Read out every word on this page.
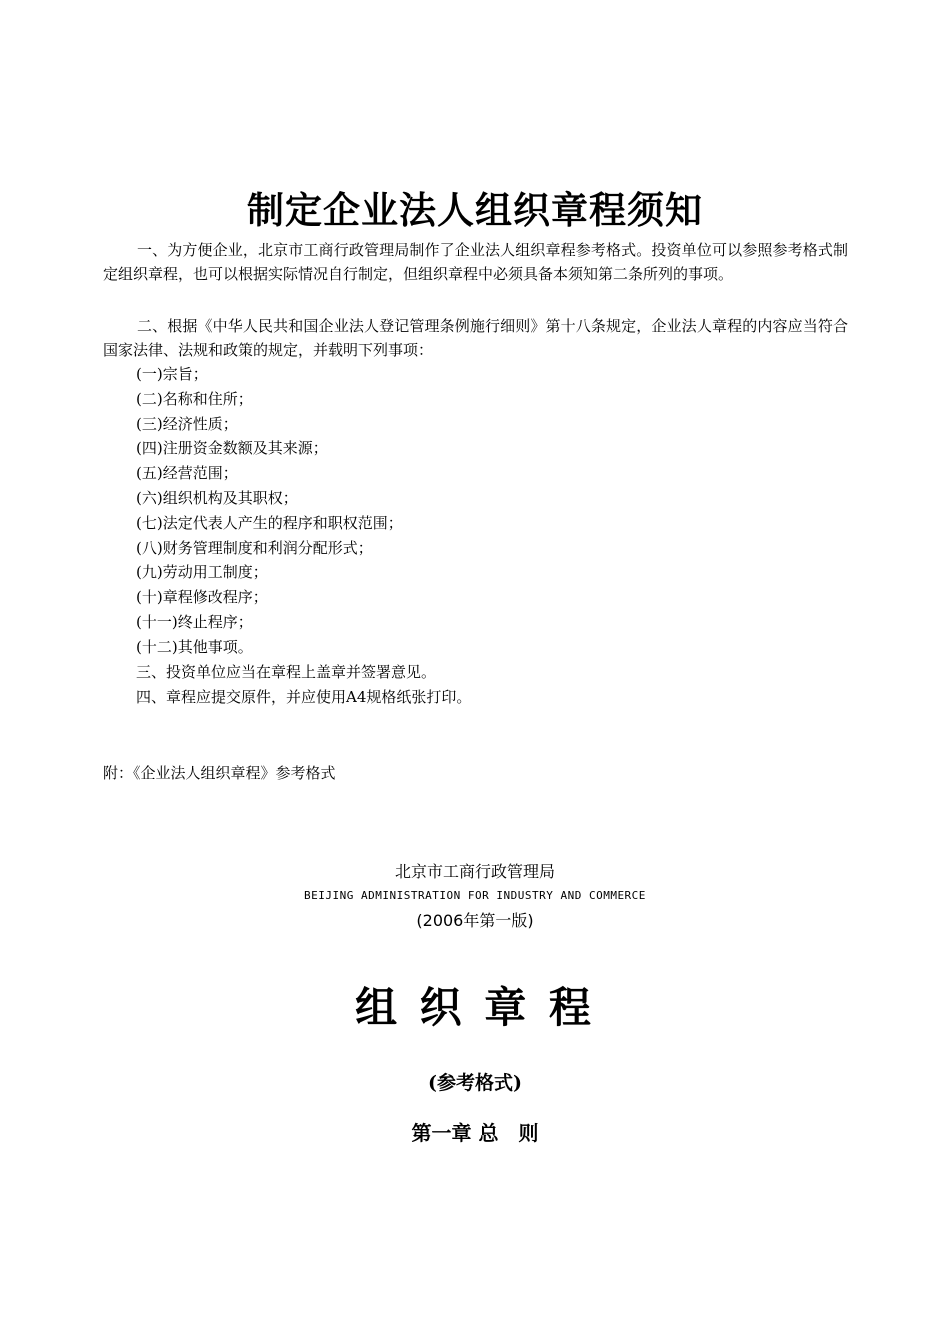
制定企业法人组织章程须知
一、为方便企业，北京市工商行政管理局制作了企业法人组织章程参考格式。投资单位可以参照参考格式制定组织章程，也可以根据实际情况自行制定，但组织章程中必须具备本须知第二条所列的事项。
二、根据《中华人民共和国企业法人登记管理条例施行细则》第十八条规定，企业法人章程的内容应当符合国家法律、法规和政策的规定，并载明下列事项：
(一)宗旨；
(二)名称和住所；
(三)经济性质；
(四)注册资金数额及其来源；
(五)经营范围；
(六)组织机构及其职权；
(七)法定代表人产生的程序和职权范围；
(八)财务管理制度和利润分配形式；
(九)劳动用工制度；
(十)章程修改程序；
(十一)终止程序；
(十二)其他事项。
三、投资单位应当在章程上盖章并签署意见。
四、章程应提交原件，并应使用A4规格纸张打印。
附：《企业法人组织章程》参考格式
北京市工商行政管理局
BEIJING ADMINISTRATION FOR INDUSTRY AND COMMERCE
(2006年第一版)
组 织 章 程
(参考格式)
第一章 总　则
